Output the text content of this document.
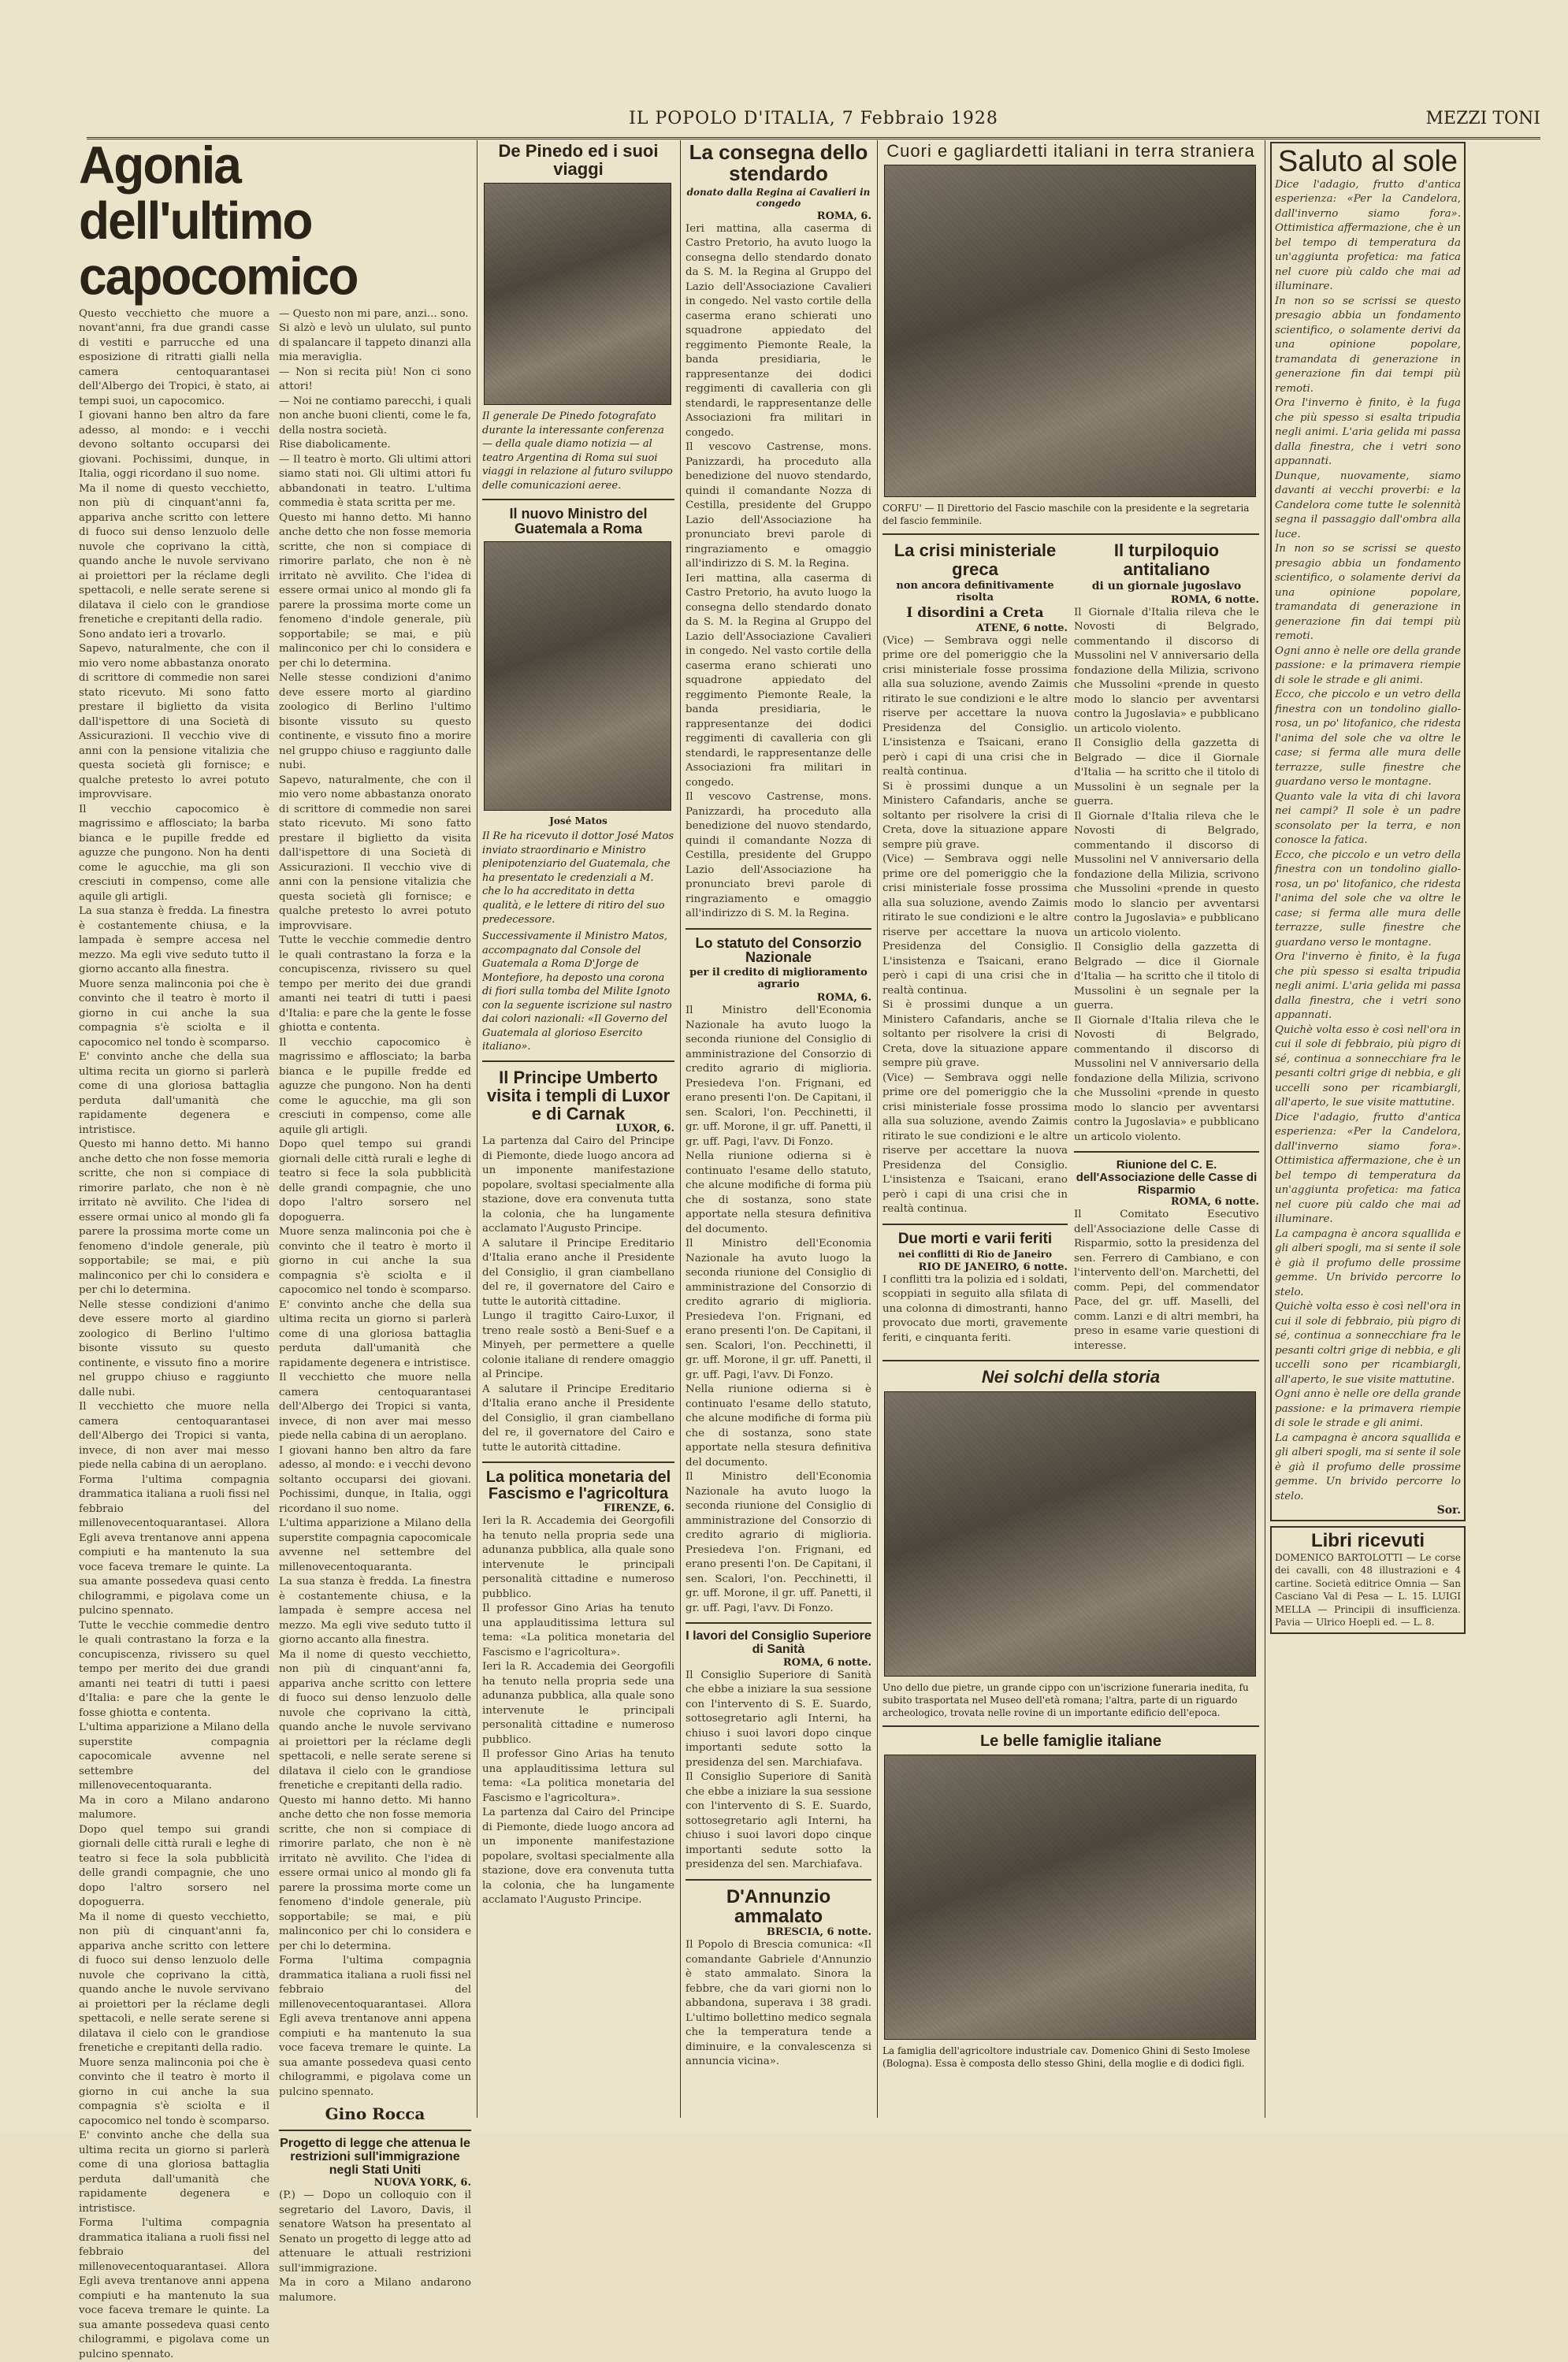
IL POPOLO D'ITALIA, 7 Febbraio 1928	MEZZI TONI
Agonia dell'ultimo capocomico

Questo vecchietto che muore a novant'anni, fra due grandi casse di vestiti e parrucche ed una esposizione di ritratti gialli nella camera centoquarantasei dell'Albergo dei Tropici, è stato, ai tempi suoi, un capocomico.

I giovani hanno ben altro da fare adesso, al mondo: e i vecchi devono soltanto occuparsi dei giovani. Pochissimi, dunque, in Italia, oggi ricordano il suo nome.

Ma il nome di questo vecchietto, non più di cinquant'anni fa, appariva anche scritto con lettere di fuoco sui denso lenzuolo delle nuvole che coprivano la città, quando anche le nuvole servivano ai proiettori per la réclame degli spettacoli, e nelle serate serene si dilatava il cielo con le grandiose frenetiche e crepitanti della radio.

Sono andato ieri a trovarlo.

Sapevo, naturalmente, che con il mio vero nome abbastanza onorato di scrittore di commedie non sarei stato ricevuto. Mi sono fatto prestare il biglietto da visita dall'ispettore di una Società di Assicurazioni. Il vecchio vive di anni con la pensione vitalizia che questa società gli fornisce; e qualche pretesto lo avrei potuto improvvisare.

Il vecchio capocomico è magrissimo e afflosciato; la barba bianca e le pupille fredde ed aguzze che pungono. Non ha denti come le agucchie, ma gli son cresciuti in compenso, come alle aquile gli artigli.

La sua stanza è fredda. La finestra è costantemente chiusa, e la lampada è sempre accesa nel mezzo. Ma egli vive seduto tutto il giorno accanto alla finestra.

Muore senza malinconia poi che è convinto che il teatro è morto il giorno in cui anche la sua compagnia s'è sciolta e il capocomico nel tondo è scomparso. E' convinto anche che della sua ultima recita un giorno si parlerà come di una gloriosa battaglia perduta dall'umanità che rapidamente degenera e intristisce.

Questo mi hanno detto. Mi hanno anche detto che non fosse memoria scritte, che non si compiace di rimorire parlato, che non è nè irritato nè avvilito. Che l'idea di essere ormai unico al mondo gli fa parere la prossima morte come un fenomeno d'indole generale, più sopportabile; se mai, e più malinconico per chi lo considera e per chi lo determina.

Nelle stesse condizioni d'animo deve essere morto al giardino zoologico di Berlino l'ultimo bisonte vissuto su questo continente, e vissuto fino a morire nel gruppo chiuso e raggiunto dalle nubi.

Il vecchietto che muore nella camera centoquarantasei dell'Albergo dei Tropici si vanta, invece, di non aver mai messo piede nella cabina di un aeroplano.

Forma l'ultima compagnia drammatica italiana a ruoli fissi nel febbraio del millenovecentoquarantasei. Allora Egli aveva trentanove anni appena compiuti e ha mantenuto la sua voce faceva tremare le quinte. La sua amante possedeva quasi cento chilogrammi, e pigolava come un pulcino spennato.

Tutte le vecchie commedie dentro le quali contrastano la forza e la concupiscenza, rivissero su quel tempo per merito dei due grandi amanti nei teatri di tutti i paesi d'Italia: e pare che la gente le fosse ghiotta e contenta.

L'ultima apparizione a Milano della superstite compagnia capocomicale avvenne nel settembre del millenovecentoquaranta.

Ma in coro a Milano andarono malumore.

Dopo quel tempo sui grandi giornali delle città rurali e leghe di teatro si fece la sola pubblicità delle grandi compagnie, che uno dopo l'altro sorsero nel dopoguerra.

Ma il nome di questo vecchietto, non più di cinquant'anni fa, appariva anche scritto con lettere di fuoco sui denso lenzuolo delle nuvole che coprivano la città, quando anche le nuvole servivano ai proiettori per la réclame degli spettacoli, e nelle serate serene si dilatava il cielo con le grandiose frenetiche e crepitanti della radio.

Muore senza malinconia poi che è convinto che il teatro è morto il giorno in cui anche la sua compagnia s'è sciolta e il capocomico nel tondo è scomparso. E' convinto anche che della sua ultima recita un giorno si parlerà come di una gloriosa battaglia perduta dall'umanità che rapidamente degenera e intristisce.

Forma l'ultima compagnia drammatica italiana a ruoli fissi nel febbraio del millenovecentoquarantasei. Allora Egli aveva trentanove anni appena compiuti e ha mantenuto la sua voce faceva tremare le quinte. La sua amante possedeva quasi cento chilogrammi, e pigolava come un pulcino spennato.

— Questo non mi pare, anzi... sono.

Si alzò e levò un ululato, sul punto di spalancare il tappeto dinanzi alla mia meraviglia.

— Non si recita più! Non ci sono attori!

— Noi ne contiamo parecchi, i quali non anche buoni clienti, come le fa, della nostra società.

Rise diabolicamente.

— Il teatro è morto. Gli ultimi attori siamo stati noi. Gli ultimi attori fu abbandonati in teatro. L'ultima commedia è stata scritta per me.

Questo mi hanno detto. Mi hanno anche detto che non fosse memoria scritte, che non si compiace di rimorire parlato, che non è nè irritato nè avvilito. Che l'idea di essere ormai unico al mondo gli fa parere la prossima morte come un fenomeno d'indole generale, più sopportabile; se mai, e più malinconico per chi lo considera e per chi lo determina.

Nelle stesse condizioni d'animo deve essere morto al giardino zoologico di Berlino l'ultimo bisonte vissuto su questo continente, e vissuto fino a morire nel gruppo chiuso e raggiunto dalle nubi.

Sapevo, naturalmente, che con il mio vero nome abbastanza onorato di scrittore di commedie non sarei stato ricevuto. Mi sono fatto prestare il biglietto da visita dall'ispettore di una Società di Assicurazioni. Il vecchio vive di anni con la pensione vitalizia che questa società gli fornisce; e qualche pretesto lo avrei potuto improvvisare.

Tutte le vecchie commedie dentro le quali contrastano la forza e la concupiscenza, rivissero su quel tempo per merito dei due grandi amanti nei teatri di tutti i paesi d'Italia: e pare che la gente le fosse ghiotta e contenta.

Il vecchio capocomico è magrissimo e afflosciato; la barba bianca e le pupille fredde ed aguzze che pungono. Non ha denti come le agucchie, ma gli son cresciuti in compenso, come alle aquile gli artigli.

Dopo quel tempo sui grandi giornali delle città rurali e leghe di teatro si fece la sola pubblicità delle grandi compagnie, che uno dopo l'altro sorsero nel dopoguerra.

Muore senza malinconia poi che è convinto che il teatro è morto il giorno in cui anche la sua compagnia s'è sciolta e il capocomico nel tondo è scomparso. E' convinto anche che della sua ultima recita un giorno si parlerà come di una gloriosa battaglia perduta dall'umanità che rapidamente degenera e intristisce.

Il vecchietto che muore nella camera centoquarantasei dell'Albergo dei Tropici si vanta, invece, di non aver mai messo piede nella cabina di un aeroplano.

I giovani hanno ben altro da fare adesso, al mondo: e i vecchi devono soltanto occuparsi dei giovani. Pochissimi, dunque, in Italia, oggi ricordano il suo nome.

L'ultima apparizione a Milano della superstite compagnia capocomicale avvenne nel settembre del millenovecentoquaranta.

La sua stanza è fredda. La finestra è costantemente chiusa, e la lampada è sempre accesa nel mezzo. Ma egli vive seduto tutto il giorno accanto alla finestra.

Ma il nome di questo vecchietto, non più di cinquant'anni fa, appariva anche scritto con lettere di fuoco sui denso lenzuolo delle nuvole che coprivano la città, quando anche le nuvole servivano ai proiettori per la réclame degli spettacoli, e nelle serate serene si dilatava il cielo con le grandiose frenetiche e crepitanti della radio.

Questo mi hanno detto. Mi hanno anche detto che non fosse memoria scritte, che non si compiace di rimorire parlato, che non è nè irritato nè avvilito. Che l'idea di essere ormai unico al mondo gli fa parere la prossima morte come un fenomeno d'indole generale, più sopportabile; se mai, e più malinconico per chi lo considera e per chi lo determina.

Forma l'ultima compagnia drammatica italiana a ruoli fissi nel febbraio del millenovecentoquarantasei. Allora Egli aveva trentanove anni appena compiuti e ha mantenuto la sua voce faceva tremare le quinte. La sua amante possedeva quasi cento chilogrammi, e pigolava come un pulcino spennato.

Gino Rocca
Progetto di legge che attenua le restrizioni sull'immigrazione negli Stati Uniti
NUOVA YORK, 6.

(P.) — Dopo un colloquio con il segretario del Lavoro, Davis, il senatore Watson ha presentato al Senato un progetto di legge atto ad attenuare le attuali restrizioni sull'immigrazione.

Ma in coro a Milano andarono malumore.

De Pinedo ed i suoi viaggi

Il generale De Pinedo fotografato durante la interessante conferenza — della quale diamo notizia — al teatro Argentina di Roma sui suoi viaggi in relazione al futuro sviluppo delle comunicazioni aeree.

Il nuovo Ministro del Guatemala a Roma
José Matos

Il Re ha ricevuto il dottor José Matos inviato straordinario e Ministro plenipotenziario del Guatemala, che ha presentato le credenziali a M. che lo ha accreditato in detta qualità, e le lettere di ritiro del suo predecessore.

Successivamente il Ministro Matos, accompagnato dal Console del Guatemala a Roma D'Jorge de Montefiore, ha deposto una corona di fiori sulla tomba del Milite Ignoto con la seguente iscrizione sul nastro dai colori nazionali: «Il Governo del Guatemala al glorioso Esercito italiano».

Il Principe Umberto visita i templi di Luxor e di Carnak
LUXOR, 6.

La partenza dal Cairo del Principe di Piemonte, diede luogo ancora ad un imponente manifestazione popolare, svoltasi specialmente alla stazione, dove era convenuta tutta la colonia, che ha lungamente acclamato l'Augusto Principe.

A salutare il Principe Ereditario d'Italia erano anche il Presidente del Consiglio, il gran ciambellano del re, il governatore del Cairo e tutte le autorità cittadine.

Lungo il tragitto Cairo-Luxor, il treno reale sostò a Beni-Suef e a Minyeh, per permettere a quelle colonie italiane di rendere omaggio al Principe.

A salutare il Principe Ereditario d'Italia erano anche il Presidente del Consiglio, il gran ciambellano del re, il governatore del Cairo e tutte le autorità cittadine.

La politica monetaria del Fascismo e l'agricoltura
FIRENZE, 6.

Ieri la R. Accademia dei Georgofili ha tenuto nella propria sede una adunanza pubblica, alla quale sono intervenute le principali personalità cittadine e numeroso pubblico.

Il professor Gino Arias ha tenuto una applauditissima lettura sul tema: «La politica monetaria del Fascismo e l'agricoltura».

Ieri la R. Accademia dei Georgofili ha tenuto nella propria sede una adunanza pubblica, alla quale sono intervenute le principali personalità cittadine e numeroso pubblico.

Il professor Gino Arias ha tenuto una applauditissima lettura sul tema: «La politica monetaria del Fascismo e l'agricoltura».

La partenza dal Cairo del Principe di Piemonte, diede luogo ancora ad un imponente manifestazione popolare, svoltasi specialmente alla stazione, dove era convenuta tutta la colonia, che ha lungamente acclamato l'Augusto Principe.

La consegna dello stendardo
donato dalla Regina ai Cavalieri in congedo
ROMA, 6.

Ieri mattina, alla caserma di Castro Pretorio, ha avuto luogo la consegna dello stendardo donato da S. M. la Regina al Gruppo del Lazio dell'Associazione Cavalieri in congedo. Nel vasto cortile della caserma erano schierati uno squadrone appiedato del reggimento Piemonte Reale, la banda presidiaria, le rappresentanze dei dodici reggimenti di cavalleria con gli stendardi, le rappresentanze delle Associazioni fra militari in congedo.

Il vescovo Castrense, mons. Panizzardi, ha proceduto alla benedizione del nuovo stendardo, quindi il comandante Nozza di Cestilla, presidente del Gruppo Lazio dell'Associazione ha pronunciato brevi parole di ringraziamento e omaggio all'indirizzo di S. M. la Regina.

Ieri mattina, alla caserma di Castro Pretorio, ha avuto luogo la consegna dello stendardo donato da S. M. la Regina al Gruppo del Lazio dell'Associazione Cavalieri in congedo. Nel vasto cortile della caserma erano schierati uno squadrone appiedato del reggimento Piemonte Reale, la banda presidiaria, le rappresentanze dei dodici reggimenti di cavalleria con gli stendardi, le rappresentanze delle Associazioni fra militari in congedo.

Il vescovo Castrense, mons. Panizzardi, ha proceduto alla benedizione del nuovo stendardo, quindi il comandante Nozza di Cestilla, presidente del Gruppo Lazio dell'Associazione ha pronunciato brevi parole di ringraziamento e omaggio all'indirizzo di S. M. la Regina.

Lo statuto del Consorzio Nazionale
per il credito di miglioramento agrario
ROMA, 6.

Il Ministro dell'Economia Nazionale ha avuto luogo la seconda riunione del Consiglio di amministrazione del Consorzio di credito agrario di miglioria. Presiedeva l'on. Frignani, ed erano presenti l'on. De Capitani, il sen. Scalori, l'on. Pecchinetti, il gr. uff. Morone, il gr. uff. Panetti, il gr. uff. Pagi, l'avv. Di Fonzo.

Nella riunione odierna si è continuato l'esame dello statuto, che alcune modifiche di forma più che di sostanza, sono state apportate nella stesura definitiva del documento.

Il Ministro dell'Economia Nazionale ha avuto luogo la seconda riunione del Consiglio di amministrazione del Consorzio di credito agrario di miglioria. Presiedeva l'on. Frignani, ed erano presenti l'on. De Capitani, il sen. Scalori, l'on. Pecchinetti, il gr. uff. Morone, il gr. uff. Panetti, il gr. uff. Pagi, l'avv. Di Fonzo.

Nella riunione odierna si è continuato l'esame dello statuto, che alcune modifiche di forma più che di sostanza, sono state apportate nella stesura definitiva del documento.

Il Ministro dell'Economia Nazionale ha avuto luogo la seconda riunione del Consiglio di amministrazione del Consorzio di credito agrario di miglioria. Presiedeva l'on. Frignani, ed erano presenti l'on. De Capitani, il sen. Scalori, l'on. Pecchinetti, il gr. uff. Morone, il gr. uff. Panetti, il gr. uff. Pagi, l'avv. Di Fonzo.

I lavori del Consiglio Superiore di Sanità
ROMA, 6 notte.

Il Consiglio Superiore di Sanità che ebbe a iniziare la sua sessione con l'intervento di S. E. Suardo, sottosegretario agli Interni, ha chiuso i suoi lavori dopo cinque importanti sedute sotto la presidenza del sen. Marchiafava.

Il Consiglio Superiore di Sanità che ebbe a iniziare la sua sessione con l'intervento di S. E. Suardo, sottosegretario agli Interni, ha chiuso i suoi lavori dopo cinque importanti sedute sotto la presidenza del sen. Marchiafava.

D'Annunzio ammalato
BRESCIA, 6 notte.

Il Popolo di Brescia comunica: «Il comandante Gabriele d'Annunzio è stato ammalato. Sinora la febbre, che da vari giorni non lo abbandona, superava i 38 gradi. L'ultimo bollettino medico segnala che la temperatura tende a diminuire, e la convalescenza si annuncia vicina».

Cuori e gagliardetti italiani in terra straniera

CORFU' — Il Direttorio del Fascio maschile con la presidente e la segretaria del fascio femminile.

La crisi ministeriale greca
non ancora definitivamente risolta
I disordini a Creta
ATENE, 6 notte.

(Vice) — Sembrava oggi nelle prime ore del pomeriggio che la crisi ministeriale fosse prossima alla sua soluzione, avendo Zaimis ritirato le sue condizioni e le altre riserve per accettare la nuova Presidenza del Consiglio. L'insistenza e Tsaicani, erano però i capi di una crisi che in realtà continua.

Si è prossimi dunque a un Ministero Cafandaris, anche se soltanto per risolvere la crisi di Creta, dove la situazione appare sempre più grave.

(Vice) — Sembrava oggi nelle prime ore del pomeriggio che la crisi ministeriale fosse prossima alla sua soluzione, avendo Zaimis ritirato le sue condizioni e le altre riserve per accettare la nuova Presidenza del Consiglio. L'insistenza e Tsaicani, erano però i capi di una crisi che in realtà continua.

Si è prossimi dunque a un Ministero Cafandaris, anche se soltanto per risolvere la crisi di Creta, dove la situazione appare sempre più grave.

(Vice) — Sembrava oggi nelle prime ore del pomeriggio che la crisi ministeriale fosse prossima alla sua soluzione, avendo Zaimis ritirato le sue condizioni e le altre riserve per accettare la nuova Presidenza del Consiglio. L'insistenza e Tsaicani, erano però i capi di una crisi che in realtà continua.

Due morti e varii feriti
nei conflitti di Rio de Janeiro
RIO DE JANEIRO, 6 notte.

I conflitti tra la polizia ed i soldati, scoppiati in seguito alla sfilata di una colonna di dimostranti, hanno provocato due morti, gravemente feriti, e cinquanta feriti.

Il turpiloquio antitaliano
di un giornale jugoslavo
ROMA, 6 notte.

Il Giornale d'Italia rileva che le Novosti di Belgrado, commentando il discorso di Mussolini nel V anniversario della fondazione della Milizia, scrivono che Mussolini «prende in questo modo lo slancio per avventarsi contro la Jugoslavia» e pubblicano un articolo violento.

Il Consiglio della gazzetta di Belgrado — dice il Giornale d'Italia — ha scritto che il titolo di Mussolini è un segnale per la guerra.

Il Giornale d'Italia rileva che le Novosti di Belgrado, commentando il discorso di Mussolini nel V anniversario della fondazione della Milizia, scrivono che Mussolini «prende in questo modo lo slancio per avventarsi contro la Jugoslavia» e pubblicano un articolo violento.

Il Consiglio della gazzetta di Belgrado — dice il Giornale d'Italia — ha scritto che il titolo di Mussolini è un segnale per la guerra.

Il Giornale d'Italia rileva che le Novosti di Belgrado, commentando il discorso di Mussolini nel V anniversario della fondazione della Milizia, scrivono che Mussolini «prende in questo modo lo slancio per avventarsi contro la Jugoslavia» e pubblicano un articolo violento.

Riunione del C. E. dell'Associazione delle Casse di Risparmio
ROMA, 6 notte.

Il Comitato Esecutivo dell'Associazione delle Casse di Risparmio, sotto la presidenza del sen. Ferrero di Cambiano, e con l'intervento dell'on. Marchetti, del comm. Pepi, del commendator Pace, del gr. uff. Maselli, del comm. Lanzi e di altri membri, ha preso in esame varie questioni di interesse.

Nei solchi della storia

Uno dello due pietre, un grande cippo con un'iscrizione funeraria inedita, fu subito trasportata nel Museo dell'età romana; l'altra, parte di un riguardo archeologico, trovata nelle rovine di un importante edificio dell'epoca.

Le belle famiglie italiane

La famiglia dell'agricoltore industriale cav. Domenico Ghini di Sesto Imolese (Bologna). Essa è composta dello stesso Ghini, della moglie e di dodici figli.

Saluto al sole

Dice l'adagio, frutto d'antica esperienza: «Per la Candelora, dall'inverno siamo fora». Ottimistica affermazione, che è un bel tempo di temperatura da un'aggiunta profetica: ma fatica nel cuore più caldo che mai ad illuminare.

In non so se scrissi se questo presagio abbia un fondamento scientifico, o solamente derivi da una opinione popolare, tramandata di generazione in generazione fin dai tempi più remoti.

Ora l'inverno è finito, è la fuga che più spesso si esalta tripudia negli animi. L'aria gelida mi passa dalla finestra, che i vetri sono appannati.

Dunque, nuovamente, siamo davanti ai vecchi proverbi: e la Candelora come tutte le solennità segna il passaggio dall'ombra alla luce.

In non so se scrissi se questo presagio abbia un fondamento scientifico, o solamente derivi da una opinione popolare, tramandata di generazione in generazione fin dai tempi più remoti.

Ogni anno è nelle ore della grande passione: e la primavera riempie di sole le strade e gli animi.

Ecco, che piccolo e un vetro della finestra con un tondolino giallo-rosa, un po' litofanico, che ridesta l'anima del sole che va oltre le case; si ferma alle mura delle terrazze, sulle finestre che guardano verso le montagne.

Quanto vale la vita di chi lavora nei campi? Il sole è un padre sconsolato per la terra, e non conosce la fatica.

Ecco, che piccolo e un vetro della finestra con un tondolino giallo-rosa, un po' litofanico, che ridesta l'anima del sole che va oltre le case; si ferma alle mura delle terrazze, sulle finestre che guardano verso le montagne.

Ora l'inverno è finito, è la fuga che più spesso si esalta tripudia negli animi. L'aria gelida mi passa dalla finestra, che i vetri sono appannati.

Quichè volta esso è così nell'ora in cui il sole di febbraio, più pigro di sé, continua a sonnecchiare fra le pesanti coltri grige di nebbia, e gli uccelli sono per ricambiargli, all'aperto, le sue visite mattutine.

Dice l'adagio, frutto d'antica esperienza: «Per la Candelora, dall'inverno siamo fora». Ottimistica affermazione, che è un bel tempo di temperatura da un'aggiunta profetica: ma fatica nel cuore più caldo che mai ad illuminare.

La campagna è ancora squallida e gli alberi spogli, ma si sente il sole è già il profumo delle prossime gemme. Un brivido percorre lo stelo.

Quichè volta esso è così nell'ora in cui il sole di febbraio, più pigro di sé, continua a sonnecchiare fra le pesanti coltri grige di nebbia, e gli uccelli sono per ricambiargli, all'aperto, le sue visite mattutine.

Ogni anno è nelle ore della grande passione: e la primavera riempie di sole le strade e gli animi.

La campagna è ancora squallida e gli alberi spogli, ma si sente il sole è già il profumo delle prossime gemme. Un brivido percorre lo stelo.

Sor.
Libri ricevuti

DOMENICO BARTOLOTTI — Le corse dei cavalli, con 48 illustrazioni e 4 cartine. Società editrice Omnia — San Casciano Val di Pesa — L. 15. LUIGI MELLA — Principii di insufficienza. Pavia — Ulrico Hoepli ed. — L. 8.
